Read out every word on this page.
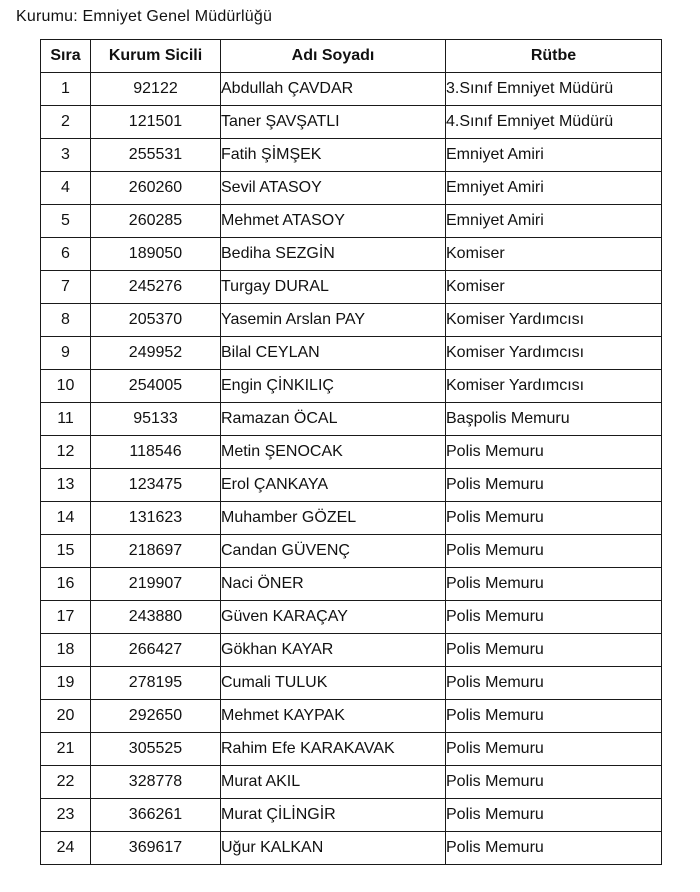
Kurumu: Emniyet Genel Müdürlüğü
Sıra	Kurum Sicili	Adı Soyadı	Rütbe
1	92122	Abdullah ÇAVDAR	3.Sınıf Emniyet Müdürü
2	121501	Taner ŞAVŞATLI	4.Sınıf Emniyet Müdürü
3	255531	Fatih ŞİMŞEK	Emniyet Amiri
4	260260	Sevil ATASOY	Emniyet Amiri
5	260285	Mehmet ATASOY	Emniyet Amiri
6	189050	Bediha SEZGİN	Komiser
7	245276	Turgay DURAL	Komiser
8	205370	Yasemin Arslan PAY	Komiser Yardımcısı
9	249952	Bilal CEYLAN	Komiser Yardımcısı
10	254005	Engin ÇİNKILIÇ	Komiser Yardımcısı
11	95133	Ramazan ÖCAL	Başpolis Memuru
12	118546	Metin ŞENOCAK	Polis Memuru
13	123475	Erol ÇANKAYA	Polis Memuru
14	131623	Muhamber GÖZEL	Polis Memuru
15	218697	Candan GÜVENÇ	Polis Memuru
16	219907	Naci ÖNER	Polis Memuru
17	243880	Güven KARAÇAY	Polis Memuru
18	266427	Gökhan KAYAR	Polis Memuru
19	278195	Cumali TULUK	Polis Memuru
20	292650	Mehmet KAYPAK	Polis Memuru
21	305525	Rahim Efe KARAKAVAK	Polis Memuru
22	328778	Murat AKIL	Polis Memuru
23	366261	Murat ÇİLİNGİR	Polis Memuru
24	369617	Uğur KALKAN	Polis Memuru
